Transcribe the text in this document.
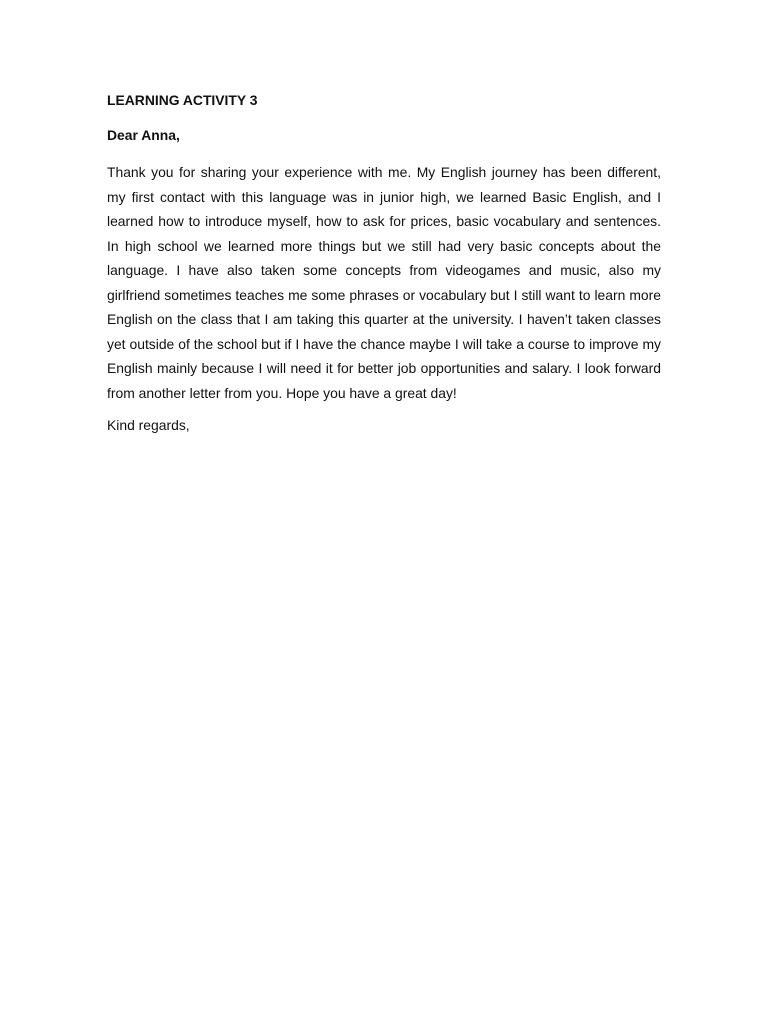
LEARNING ACTIVITY 3

Dear Anna,

Thank you for sharing your experience with me. My English journey has been different, my first contact with this language was in junior high, we learned Basic English, and I learned how to introduce myself, how to ask for prices, basic vocabulary and sentences. In high school we learned more things but we still had very basic concepts about the language. I have also taken some concepts from videogames and music, also my girlfriend sometimes teaches me some phrases or vocabulary but I still want to learn more English on the class that I am taking this quarter at the university. I haven’t taken classes yet outside of the school but if I have the chance maybe I will take a course to improve my English mainly because I will need it for better job opportunities and salary. I look forward from another letter from you. Hope you have a great day!

Kind regards,
